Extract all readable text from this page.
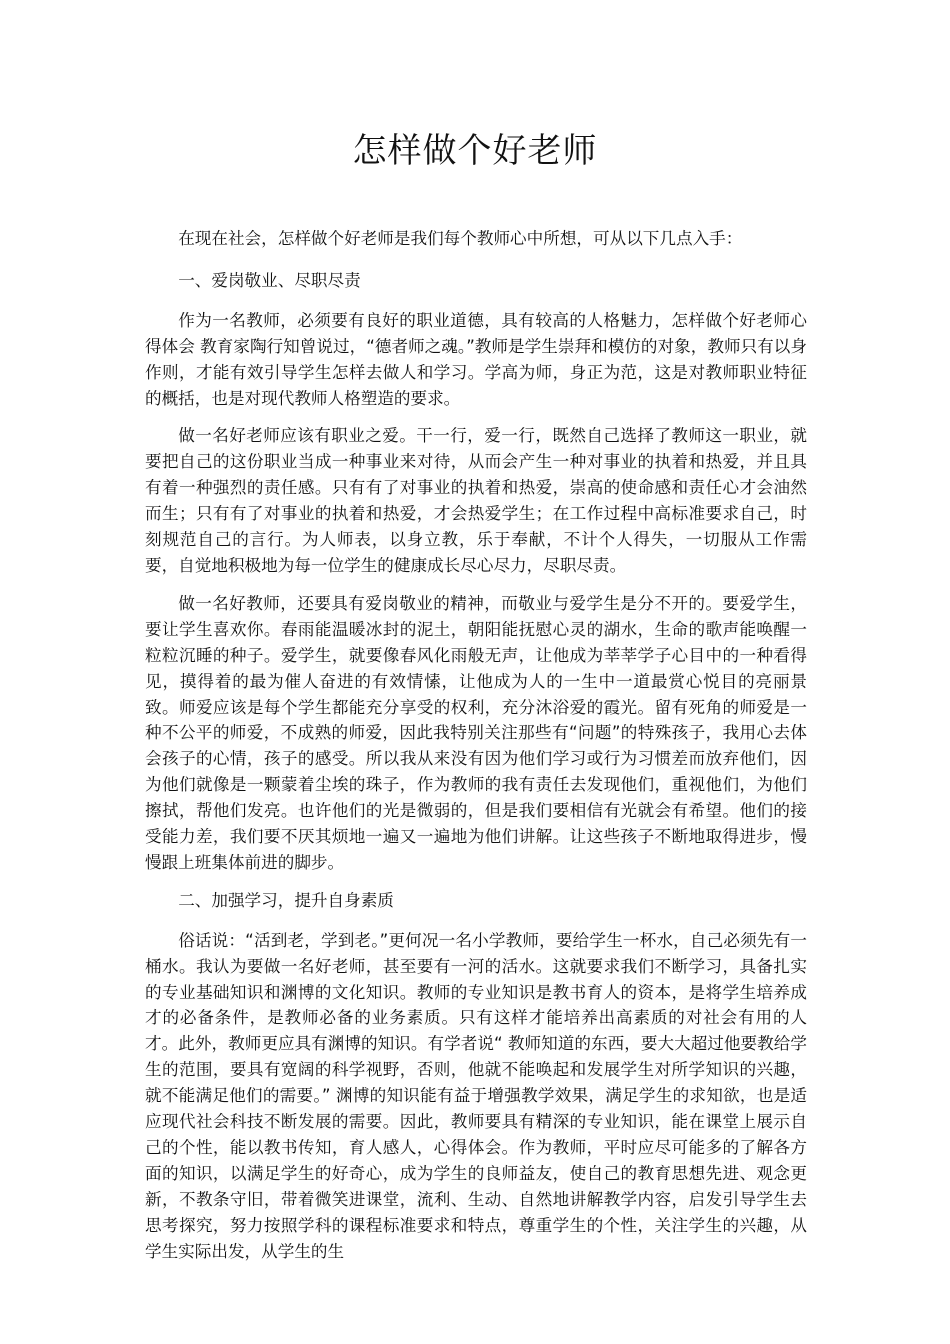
怎样做个好老师

在现在社会，怎样做个好老师是我们每个教师心中所想，可从以下几点入手：

一、爱岗敬业、尽职尽责

作为一名教师，必须要有良好的职业道德，具有较高的人格魅力，怎样做个好老师心得体会 教育家陶行知曾说过，“德者师之魂。”教师是学生崇拜和模仿的对象，教师只有以身作则，才能有效引导学生怎样去做人和学习。学高为师，身正为范，这是对教师职业特征的概括，也是对现代教师人格塑造的要求。

做一名好老师应该有职业之爱。干一行，爱一行，既然自己选择了教师这一职业，就要把自己的这份职业当成一种事业来对待，从而会产生一种对事业的执着和热爱，并且具有着一种强烈的责任感。只有有了对事业的执着和热爱，崇高的使命感和责任心才会油然而生；只有有了对事业的执着和热爱，才会热爱学生；在工作过程中高标准要求自己，时刻规范自己的言行。为人师表，以身立教，乐于奉献，不计个人得失，一切服从工作需要，自觉地积极地为每一位学生的健康成长尽心尽力，尽职尽责。

做一名好教师，还要具有爱岗敬业的精神，而敬业与爱学生是分不开的。要爱学生，要让学生喜欢你。春雨能温暖冰封的泥土，朝阳能抚慰心灵的湖水，生命的歌声能唤醒一粒粒沉睡的种子。爱学生，就要像春风化雨般无声，让他成为莘莘学子心目中的一种看得见，摸得着的最为催人奋进的有效情愫，让他成为人的一生中一道最赏心悦目的亮丽景致。师爱应该是每个学生都能充分享受的权利，充分沐浴爱的霞光。留有死角的师爱是一种不公平的师爱，不成熟的师爱，因此我特别关注那些有“问题”的特殊孩子，我用心去体会孩子的心情，孩子的感受。所以我从来没有因为他们学习或行为习惯差而放弃他们，因为他们就像是一颗蒙着尘埃的珠子，作为教师的我有责任去发现他们，重视他们，为他们擦拭，帮他们发亮。也许他们的光是微弱的，但是我们要相信有光就会有希望。他们的接受能力差，我们要不厌其烦地一遍又一遍地为他们讲解。让这些孩子不断地取得进步，慢慢跟上班集体前进的脚步。

二、加强学习，提升自身素质

俗话说：“活到老，学到老。”更何况一名小学教师，要给学生一杯水，自己必须先有一桶水。我认为要做一名好老师，甚至要有一河的活水。这就要求我们不断学习，具备扎实的专业基础知识和渊博的文化知识。教师的专业知识是教书育人的资本，是将学生培养成才的必备条件，是教师必备的业务素质。只有这样才能培养出高素质的对社会有用的人才。此外，教师更应具有渊博的知识。有学者说“ 教师知道的东西，要大大超过他要教给学生的范围，要具有宽阔的科学视野，否则，他就不能唤起和发展学生对所学知识的兴趣，就不能满足他们的需要。” 渊博的知识能有益于增强教学效果，满足学生的求知欲，也是适应现代社会科技不断发展的需要。因此，教师要具有精深的专业知识，能在课堂上展示自己的个性，能以教书传知，育人感人，心得体会。作为教师，平时应尽可能多的了解各方面的知识，以满足学生的好奇心，成为学生的良师益友，使自己的教育思想先进、观念更新，不教条守旧，带着微笑进课堂，流利、生动、自然地讲解教学内容，启发引导学生去思考探究，努力按照学科的课程标准要求和特点，尊重学生的个性，关注学生的兴趣，从学生实际出发，从学生的生
